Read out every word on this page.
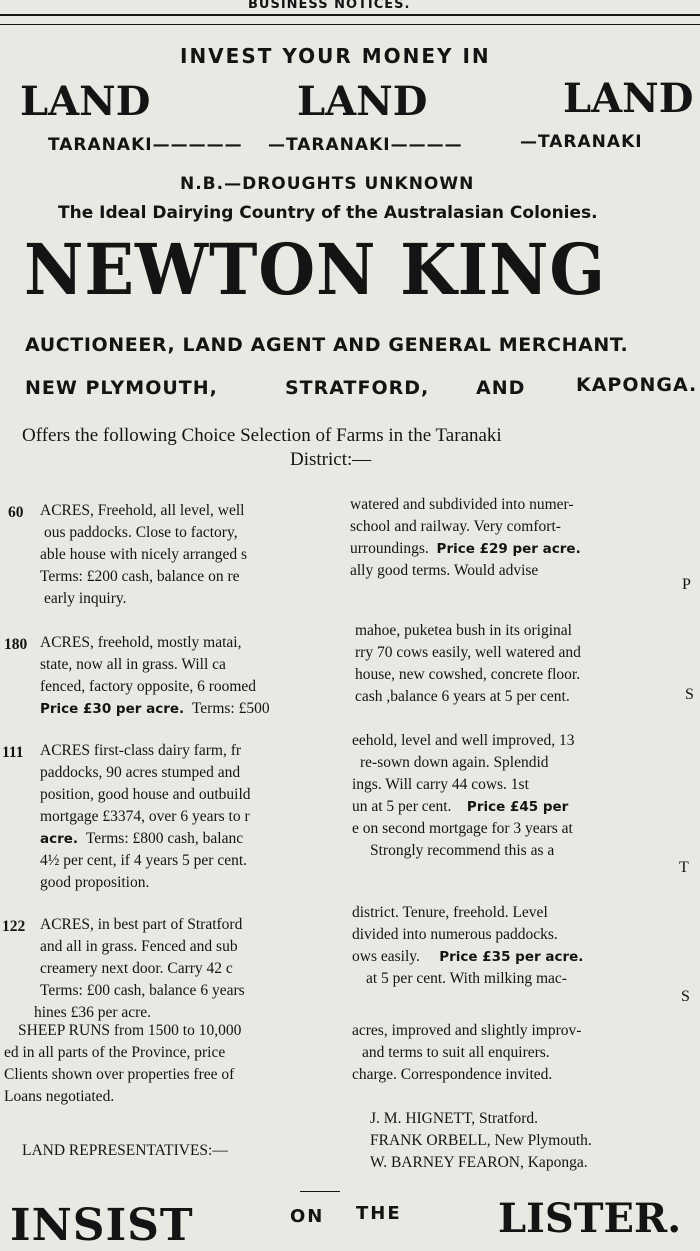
BUSINESS NOTICES.
INVEST YOUR MONEY IN
LAND	LAND	LAND
TARANAKI————— —TARANAKI————	—TARANAKI
N.B.—DROUGHTS UNKNOWN
The Ideal Dairying Country of the Australasian Colonies.
NEWTON KING
AUCTIONEER, LAND AGENT AND GENERAL MERCHANT.
NEW PLYMOUTH,	STRATFORD, AND	KAPONGA.
Offers the following Choice Selection of Farms in the Taranaki
District:—
60 ACRES, Freehold, all level, well
ous paddocks. Close to factory,
able house with nicely arranged s
Terms: £200 cash, balance on re
early inquiry.
watered and subdivided into numer-
school and railway. Very comfort-
urroundings. Price £29 per acre.
ally good terms. Would advise
180 ACRES, freehold, mostly matai,
state, now all in grass. Will ca
fenced, factory opposite, 6 roomed
Price £30 per acre. Terms: £500
mahoe, puketea bush in its original
rry 70 cows easily, well watered and
house, new cowshed, concrete floor.
cash ,balance 6 years at 5 per cent.
111 ACRES first-class dairy farm, fr
paddocks, 90 acres stumped and
position, good house and outbuild
mortgage £3374, over 6 years to r
acre. Terms: £800 cash, balanc
4½ per cent, if 4 years 5 per cent.
good proposition.
eehold, level and well improved, 13
re-sown down again. Splendid
ings. Will carry 44 cows. 1st
un at 5 per cent. Price £45 per
e on second mortgage for 3 years at
Strongly recommend this as a
122 ACRES, in best part of Stratford
and all in grass. Fenced and sub
creamery next door. Carry 42 c
Terms: £00 cash, balance 6 years
hines £36 per acre.
district. Tenure, freehold. Level
divided into numerous paddocks.
ows easily. Price £35 per acre.
at 5 per cent. With milking mac-
SHEEP RUNS from 1500 to 10,000
ed in all parts of the Province, price
Clients shown over properties free of
Loans negotiated.
acres, improved and slightly improv-
and terms to suit all enquirers.
charge. Correspondence invited.
LAND REPRESENTATIVES:—
J. M. HIGNETT, Stratford.
FRANK ORBELL, New Plymouth.
W. BARNEY FEARON, Kaponga.
P
S
T
S
INSIST	ON THE LISTER.
